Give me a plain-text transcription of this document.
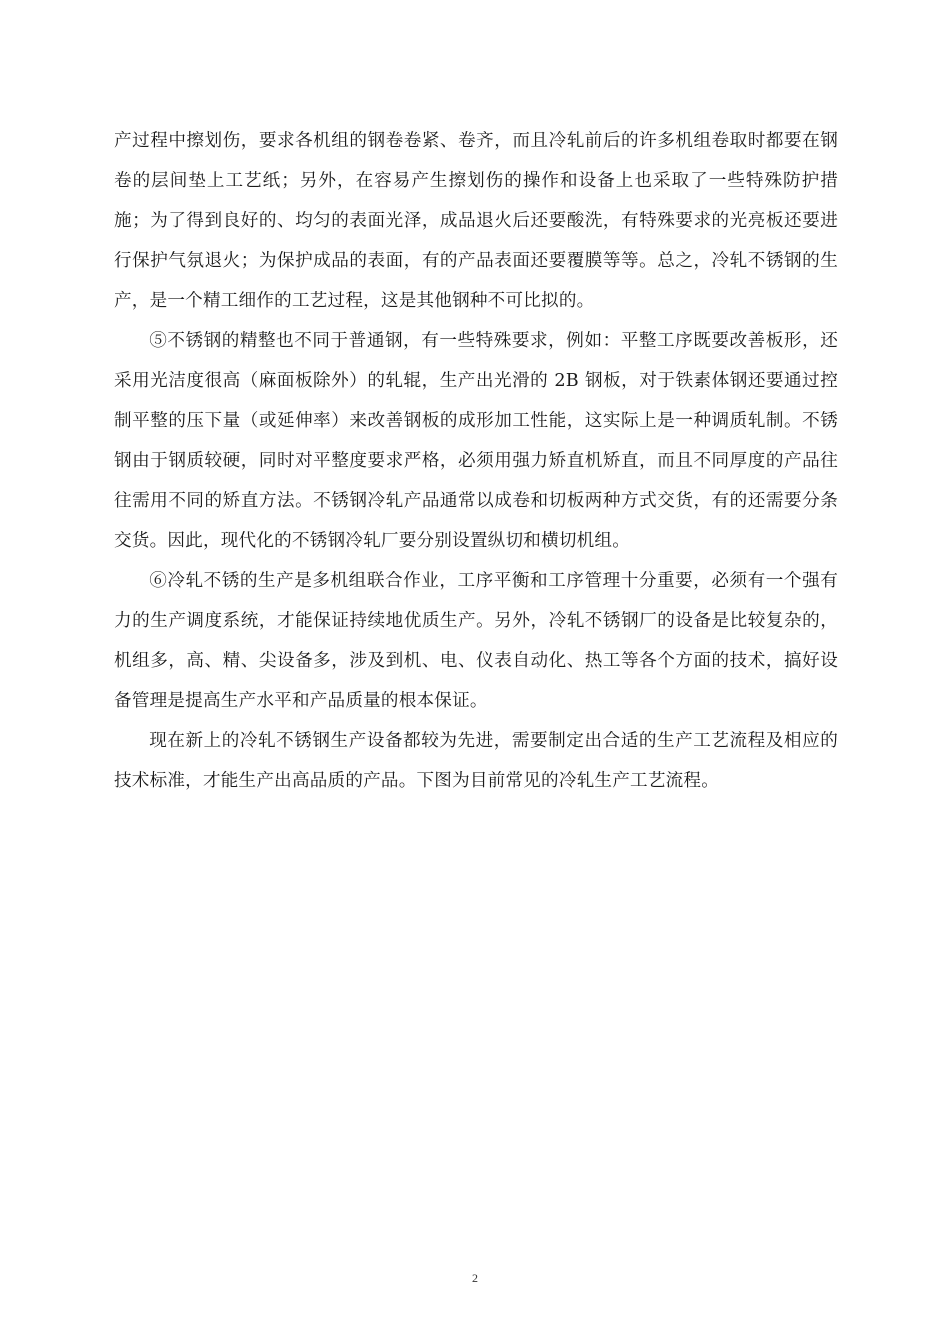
产过程中擦划伤，要求各机组的钢卷卷紧、卷齐，而且冷轧前后的许多机组卷取时都要在钢卷的层间垫上工艺纸；另外，在容易产生擦划伤的操作和设备上也采取了一些特殊防护措施；为了得到良好的、均匀的表面光泽，成品退火后还要酸洗，有特殊要求的光亮板还要进行保护气氛退火；为保护成品的表面，有的产品表面还要覆膜等等。总之，冷轧不锈钢的生产，是一个精工细作的工艺过程，这是其他钢种不可比拟的。

⑤不锈钢的精整也不同于普通钢，有一些特殊要求，例如：平整工序既要改善板形，还采用光洁度很高（麻面板除外）的轧辊，生产出光滑的 2B 钢板，对于铁素体钢还要通过控制平整的压下量（或延伸率）来改善钢板的成形加工性能，这实际上是一种调质轧制。不锈钢由于钢质较硬，同时对平整度要求严格，必须用强力矫直机矫直，而且不同厚度的产品往往需用不同的矫直方法。不锈钢冷轧产品通常以成卷和切板两种方式交货，有的还需要分条交货。因此，现代化的不锈钢冷轧厂要分别设置纵切和横切机组。

⑥冷轧不锈的生产是多机组联合作业，工序平衡和工序管理十分重要，必须有一个强有力的生产调度系统，才能保证持续地优质生产。另外，冷轧不锈钢厂的设备是比较复杂的，机组多，高、精、尖设备多，涉及到机、电、仪表自动化、热工等各个方面的技术，搞好设备管理是提高生产水平和产品质量的根本保证。

现在新上的冷轧不锈钢生产设备都较为先进，需要制定出合适的生产工艺流程及相应的技术标准，才能生产出高品质的产品。下图为目前常见的冷轧生产工艺流程。

2
